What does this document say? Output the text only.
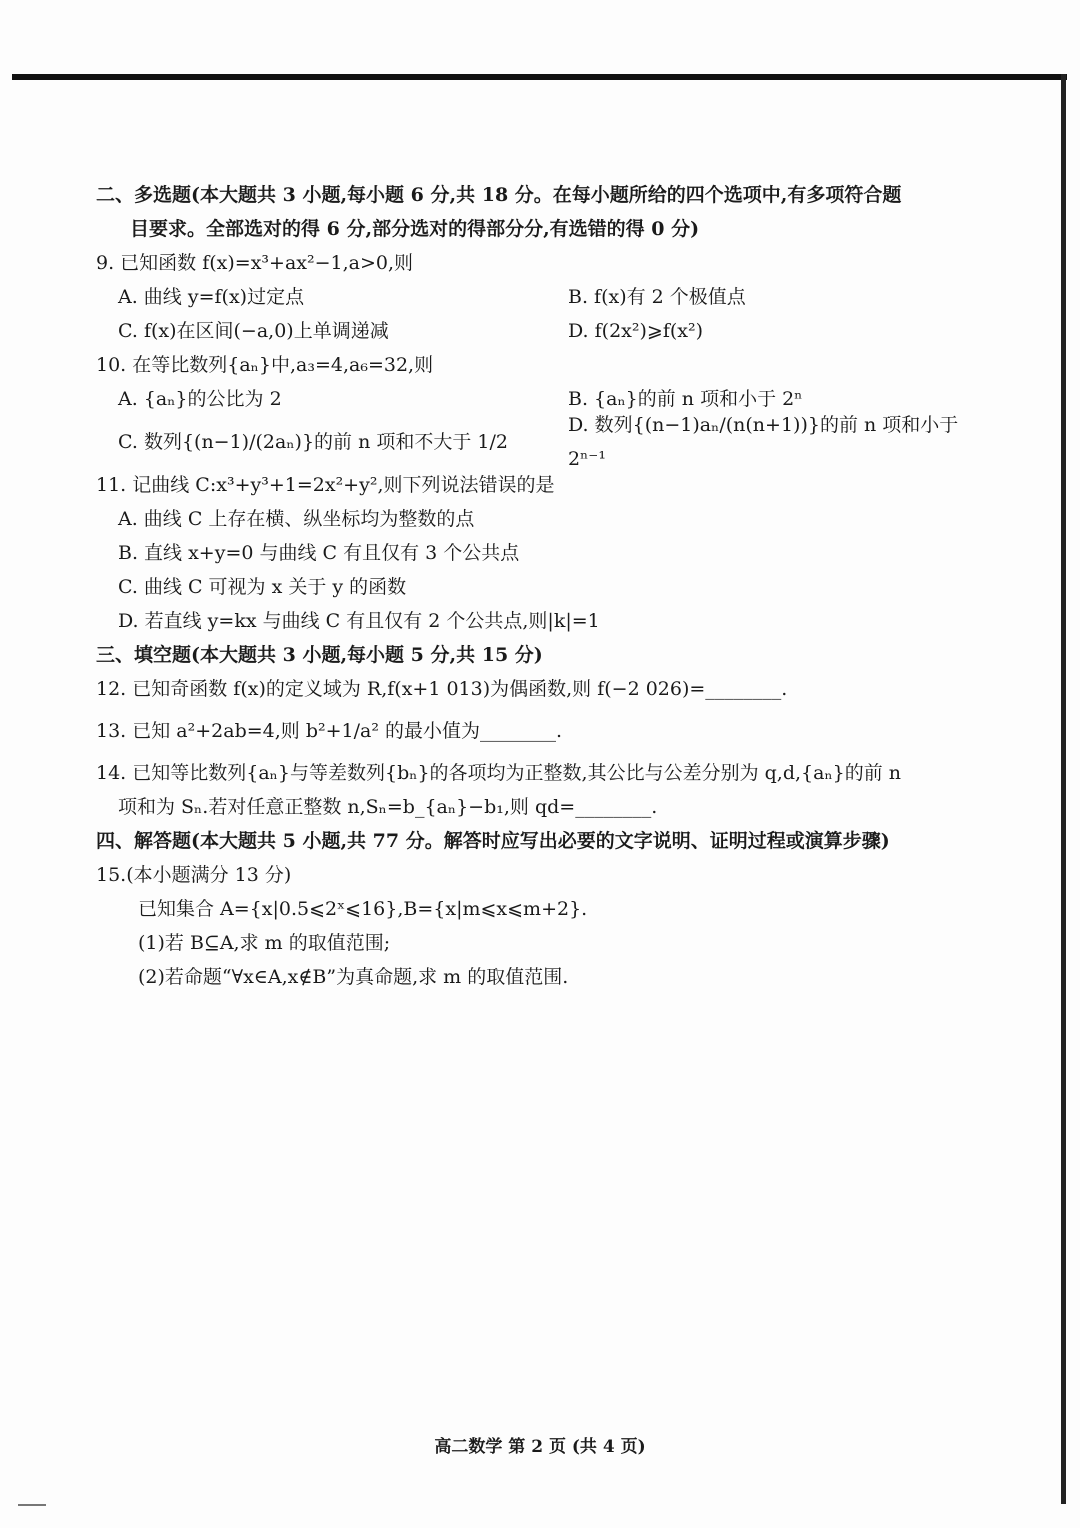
二、多选题(本大题共 3 小题,每小题 6 分,共 18 分。在每小题所给的四个选项中,有多项符合题
目要求。全部选对的得 6 分,部分选对的得部分分,有选错的得 0 分)
9. 已知函数 f(x)=x³+ax²−1,a>0,则
A. 曲线 y=f(x)过定点	B. f(x)有 2 个极值点
C. f(x)在区间(−a,0)上单调递减	D. f(2x²)⩾f(x²)
10. 在等比数列{aₙ}中,a₃=4,a₆=32,则
A. {aₙ}的公比为 2	B. {aₙ}的前 n 项和小于 2ⁿ
C. 数列{(n−1)/(2aₙ)}的前 n 项和不大于 1/2
D. 数列{(n−1)aₙ/(n(n+1))}的前 n 项和小于 2ⁿ⁻¹
11. 记曲线 C:x³+y³+1=2x²+y²,则下列说法错误的是
A. 曲线 C 上存在横、纵坐标均为整数的点
B. 直线 x+y=0 与曲线 C 有且仅有 3 个公共点
C. 曲线 C 可视为 x 关于 y 的函数
D. 若直线 y=kx 与曲线 C 有且仅有 2 个公共点,则|k|=1
三、填空题(本大题共 3 小题,每小题 5 分,共 15 分)
12. 已知奇函数 f(x)的定义域为 R,f(x+1 013)为偶函数,则 f(−2 026)=________.
13. 已知 a²+2ab=4,则 b²+1/a² 的最小值为________.
14. 已知等比数列{aₙ}与等差数列{bₙ}的各项均为正整数,其公比与公差分别为 q,d,{aₙ}的前 n
项和为 Sₙ.若对任意正整数 n,Sₙ=b_{aₙ}−b₁,则 qd=________.
四、解答题(本大题共 5 小题,共 77 分。解答时应写出必要的文字说明、证明过程或演算步骤)
15.(本小题满分 13 分)
已知集合 A={x|0.5⩽2ˣ⩽16},B={x|m⩽x⩽m+2}.
(1)若 B⊆A,求 m 的取值范围;
(2)若命题“∀x∈A,x∉B”为真命题,求 m 的取值范围.
高二数学 第 2 页 (共 4 页)
